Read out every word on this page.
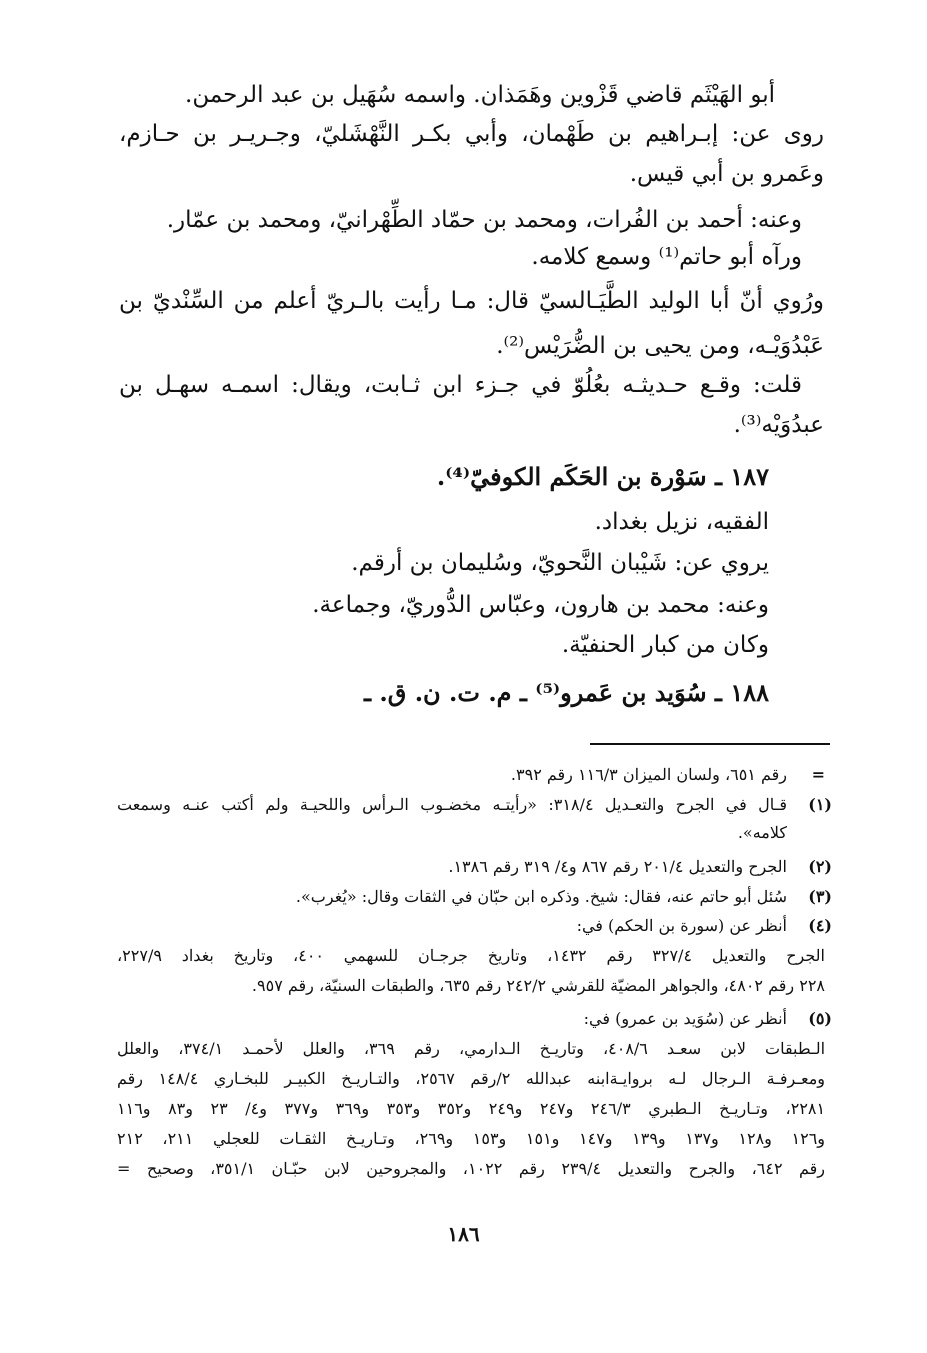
أبو الهَيْثَم قاضي قَزْوين وهَمَذان. واسمه سُهَيل بن عبد الرحمن.
روى عن: إبـراهيم بن طَهْمان، وأبي بكـر النَّهْشَليّ، وجـريـر بن حـازم،
وعَمرو بن أبي قيس.
وعنه: أحمد بن الفُرات، ومحمد بن حمّاد الطِّهْرانيّ، ومحمد بن عمّار.
ورآه أبو حاتم⁽¹⁾ وسمع كلامه.
ورُوي أنّ أبا الوليد الطَّيَـالسيّ قال: مـا رأيت بالـريّ أعلم من السِّنْديّ بن
عَبْدُوَيْـه، ومن يحيى بن الضُّرَيْس⁽²⁾.
قلت: وقـع حـديثـه بعُلُوّ في جـزء ابن ثـابت، ويقال: اسمـه سهـل بن
عبدُوَيْه⁽³⁾.
١٨٧ ـ سَوْرة بن الحَكَم الكوفيّ⁽⁴⁾.
الفقيه، نزيل بغداد.
يروي عن: شَيْبان النَّحويّ، وسُليمان بن أرقم.
وعنه: محمد بن هارون، وعبّاس الدُّوريّ، وجماعة.
وكان من كبار الحنفيّة.
١٨٨ ـ سُوَيد بن عَمرو⁽⁵⁾ ـ م. ت. ن. ق. ـ
=
رقم ٦٥١، ولسان الميزان ١١٦/٣ رقم ٣٩٢.
(١)
قـال في الجرح والتعـديل ٣١٨/٤: «رأيتـه مخضـوب الـرأس واللحيـة ولم أكتب عنـه وسمعت
كلامه».
(٢)
الجرح والتعديل ٢٠١/٤ رقم ٨٦٧ و٤/ ٣١٩ رقم ١٣٨٦.
(٣)
سُئل أبو حاتم عنه، فقال: شيخ. وذكره ابن حبّان في الثقات وقال: «يُغرب».
(٤)
أنظر عن (سورة بن الحكم) في:
الجرح والتعديل ٣٢٧/٤ رقم ١٤٣٢، وتاريخ جرجـان للسهمي ٤٠٠، وتاريخ بغداد ٢٢٧/٩،
٢٢٨ رقم ٤٨٠٢، والجواهر المضيّة للقرشي ٢٤٢/٢ رقم ٦٣٥، والطبقات السنيّة، رقم ٩٥٧.
(٥)
أنظر عن (سُوَيد بن عمرو) في:
الـطبقات لابن سعـد ٤٠٨/٦، وتاريـخ الـدارمي، رقم ٣٦٩، والعلل لأحمـد ٣٧٤/١، والعلل
ومعـرفـة الـرجال لـه بروايـةابنه عبدالله ٢/رقم ٢٥٦٧، والتـاريـخ الكبيـر للبخـاري ١٤٨/٤ رقم
٢٢٨١، وتـاريـخ الـطبري ٢٤٦/٣ و٢٤٧ و٢٤٩ و٣٥٢ و٣٥٣ و٣٦٩ و٣٧٧ و٤/ ٢٣ و٨٣ و١١٦
و١٢٦ و١٢٨ و١٣٧ و١٣٩ و١٤٧ و١٥١ و١٥٣ و٢٦٩، وتـاريـخ الثقـات للعجلي ٢١١، ٢١٢
رقم ٦٤٢، والجرح والتعديل ٢٣٩/٤ رقم ١٠٢٢، والمجروحين لابن حبّـان ٣٥١/١، وصحيح =
١٨٦
